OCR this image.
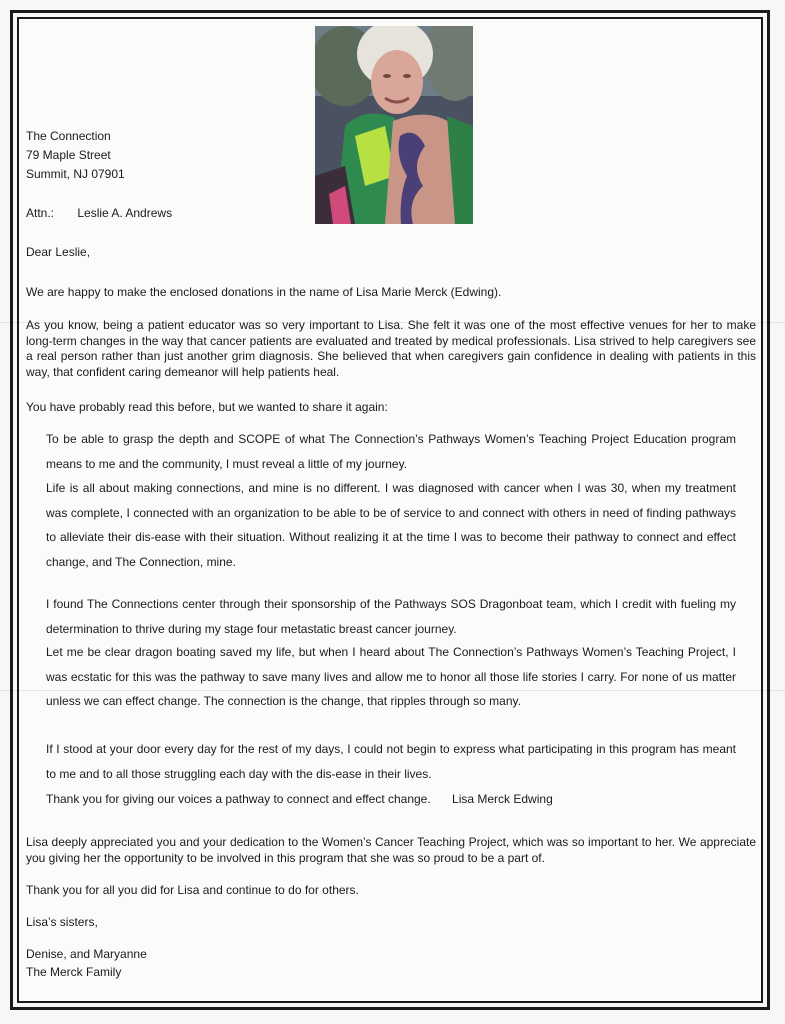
The Connection
79 Maple Street
Summit, NJ 07901
Attn.: Leslie A. Andrews
Dear Leslie,
We are happy to make the enclosed donations in the name of Lisa Marie Merck (Edwing).
As you know, being a patient educator was so very important to Lisa. She felt it was one of the most effective venues for her to make long-term changes in the way that cancer patients are evaluated and treated by medical professionals. Lisa strived to help caregivers see a real person rather than just another grim diagnosis. She believed that when caregivers gain confidence in dealing with patients in this way, that confident caring demeanor will help patients heal.
You have probably read this before, but we wanted to share it again:
To be able to grasp the depth and SCOPE of what The Connection’s Pathways Women’s Teaching Project Education program means to me and the community, I must reveal a little of my journey.
Life is all about making connections, and mine is no different. I was diagnosed with cancer when I was 30, when my treatment was complete, I connected with an organization to be able to be of service to and connect with others in need of finding pathways to alleviate their dis-ease with their situation. Without realizing it at the time I was to become their pathway to connect and effect change, and The Connection, mine.
I found The Connections center through their sponsorship of the Pathways SOS Dragonboat team, which I credit with fueling my determination to thrive during my stage four metastatic breast cancer journey.
Let me be clear dragon boating saved my life, but when I heard about The Connection’s Pathways Women’s Teaching Project, I was ecstatic for this was the pathway to save many lives and allow me to honor all those life stories I carry. For none of us matter unless we can effect change. The connection is the change, that ripples through so many.
If I stood at your door every day for the rest of my days, I could not begin to express what participating in this program has meant to me and to all those struggling each day with the dis-ease in their lives.
Thank you for giving our voices a pathway to connect and effect change. Lisa Merck Edwing
Lisa deeply appreciated you and your dedication to the Women’s Cancer Teaching Project, which was so important to her. We appreciate you giving her the opportunity to be involved in this program that she was so proud to be a part of.
Thank you for all you did for Lisa and continue to do for others.
Lisa’s sisters,
Denise, and Maryanne
The Merck Family
